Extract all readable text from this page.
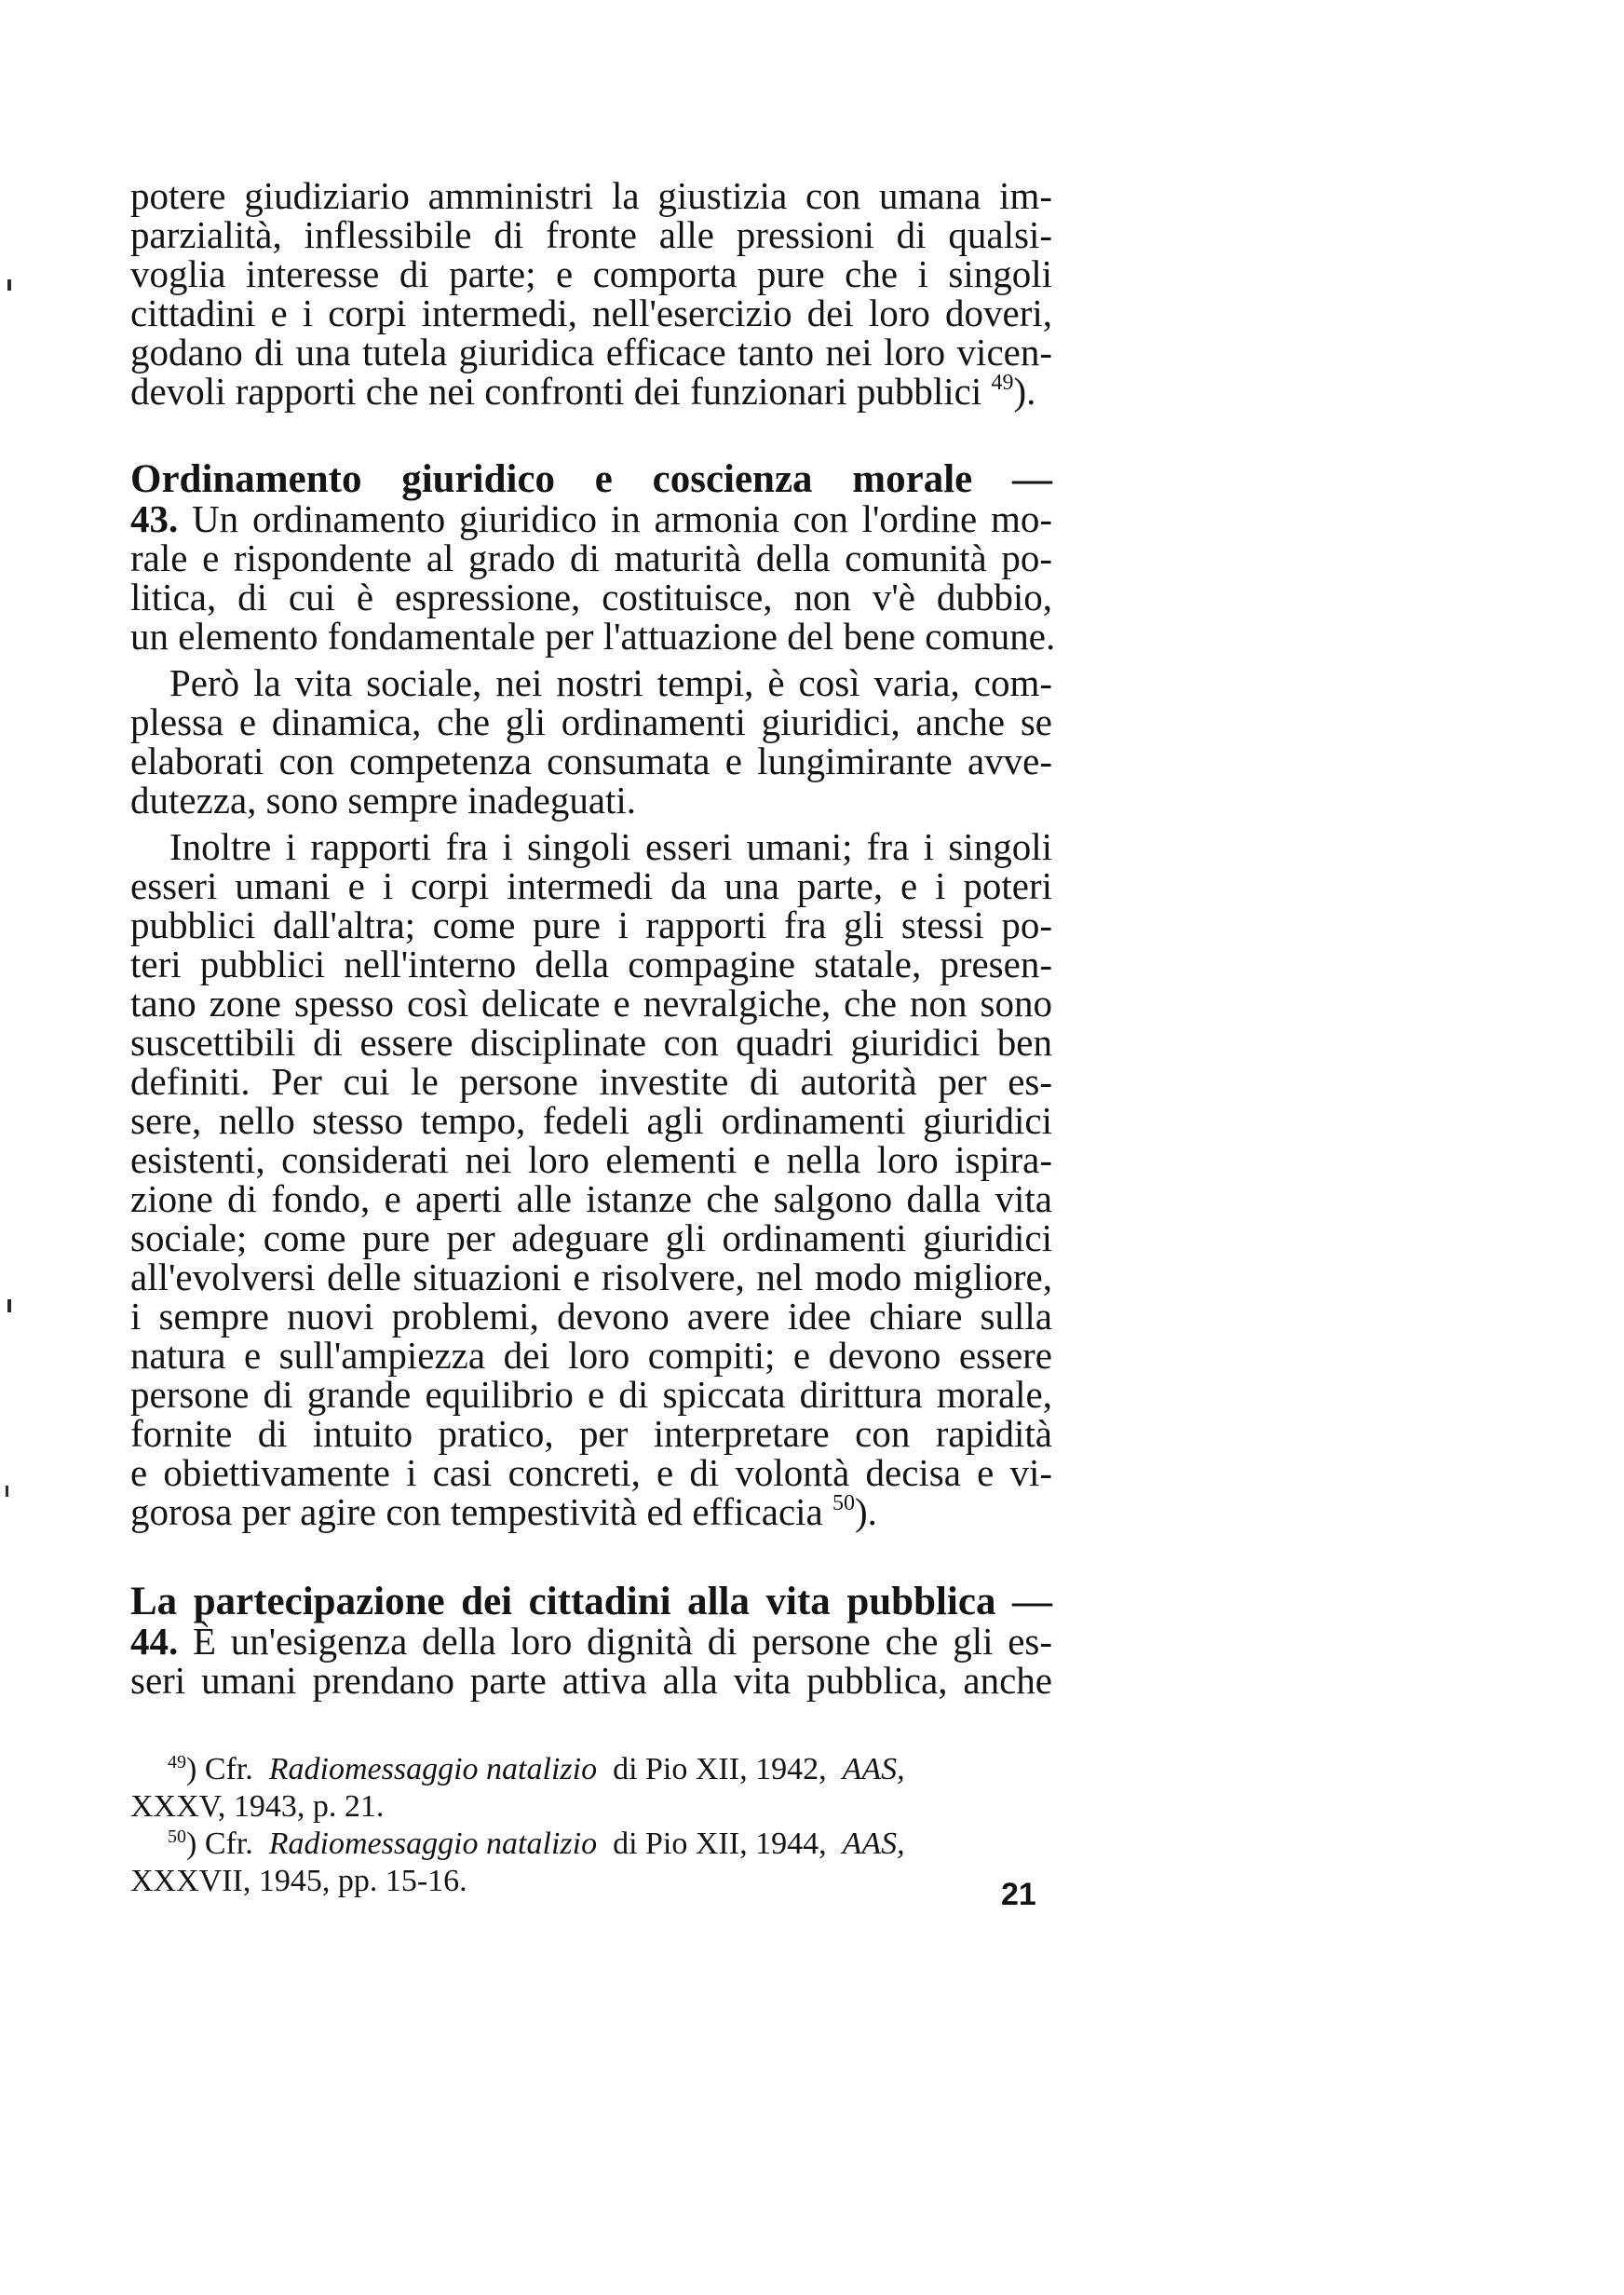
potere giudiziario amministri la giustizia con umana im-
parzialità, inflessibile di fronte alle pressioni di qualsi-
voglia interesse di parte; e comporta pure che i singoli
cittadini e i corpi intermedi, nell'esercizio dei loro doveri,
godano di una tutela giuridica efficace tanto nei loro vicen-
devoli rapporti che nei confronti dei funzionari pubblici $^{49}$).
Ordinamento giuridico e coscienza morale —
43. Un ordinamento giuridico in armonia con l'ordine mo-
rale e rispondente al grado di maturità della comunità po-
litica, di cui è espressione, costituisce, non v'è dubbio,
un elemento fondamentale per l'attuazione del bene comune.
Però la vita sociale, nei nostri tempi, è così varia, com-
plessa e dinamica, che gli ordinamenti giuridici, anche se
elaborati con competenza consumata e lungimirante avve-
dutezza, sono sempre inadeguati.
Inoltre i rapporti fra i singoli esseri umani; fra i singoli
esseri umani e i corpi intermedi da una parte, e i poteri
pubblici dall'altra; come pure i rapporti fra gli stessi po-
teri pubblici nell'interno della compagine statale, presen-
tano zone spesso così delicate e nevralgiche, che non sono
suscettibili di essere disciplinate con quadri giuridici ben
definiti. Per cui le persone investite di autorità per es-
sere, nello stesso tempo, fedeli agli ordinamenti giuridici
esistenti, considerati nei loro elementi e nella loro ispira-
zione di fondo, e aperti alle istanze che salgono dalla vita
sociale; come pure per adeguare gli ordinamenti giuridici
all'evolversi delle situazioni e risolvere, nel modo migliore,
i sempre nuovi problemi, devono avere idee chiare sulla
natura e sull'ampiezza dei loro compiti; e devono essere
persone di grande equilibrio e di spiccata dirittura morale,
fornite di intuito pratico, per interpretare con rapidità
e obiettivamente i casi concreti, e di volontà decisa e vi-
gorosa per agire con tempestività ed efficacia $^{50}$).
La partecipazione dei cittadini alla vita pubblica —
44. È un'esigenza della loro dignità di persone che gli es-
seri umani prendano parte attiva alla vita pubblica, anche
$^{49}$) Cfr. Radiomessaggio natalizio di Pio XII, 1942, AAS,
XXXV, 1943, p. 21.
$^{50}$) Cfr. Radiomessaggio natalizio di Pio XII, 1944, AAS,
XXXVII, 1945, pp. 15-16.	21
